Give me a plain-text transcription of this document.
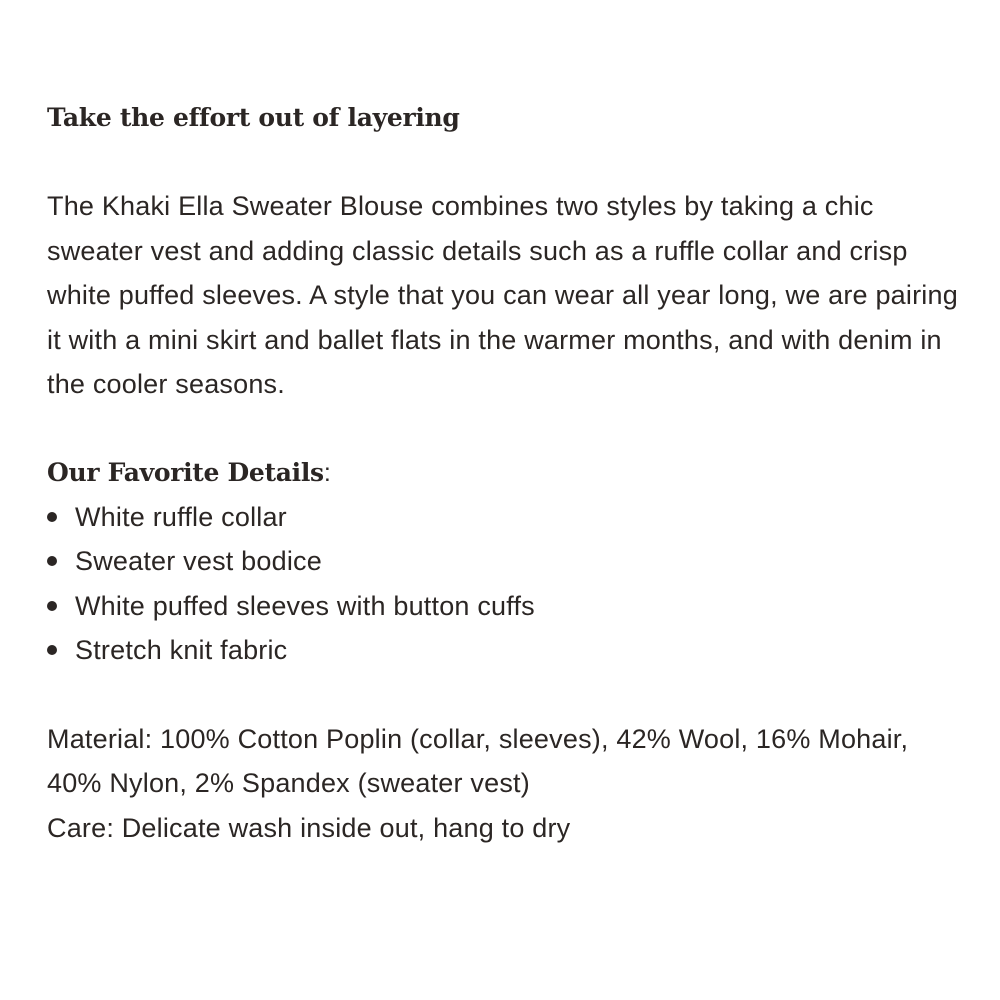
Take the effort out of layering

The Khaki Ella Sweater Blouse combines two styles by taking a chic sweater vest and adding classic details such as a ruffle collar and crisp white puffed sleeves. A style that you can wear all year long, we are pairing it with a mini skirt and ballet flats in the warmer months, and with denim in the cooler seasons.

Our Favorite Details:
White ruffle collar
Sweater vest bodice
White puffed sleeves with button cuffs
Stretch knit fabric

Material: 100% Cotton Poplin (collar, sleeves), 42% Wool, 16% Mohair, 40% Nylon, 2% Spandex (sweater vest)

Care: Delicate wash inside out, hang to dry
